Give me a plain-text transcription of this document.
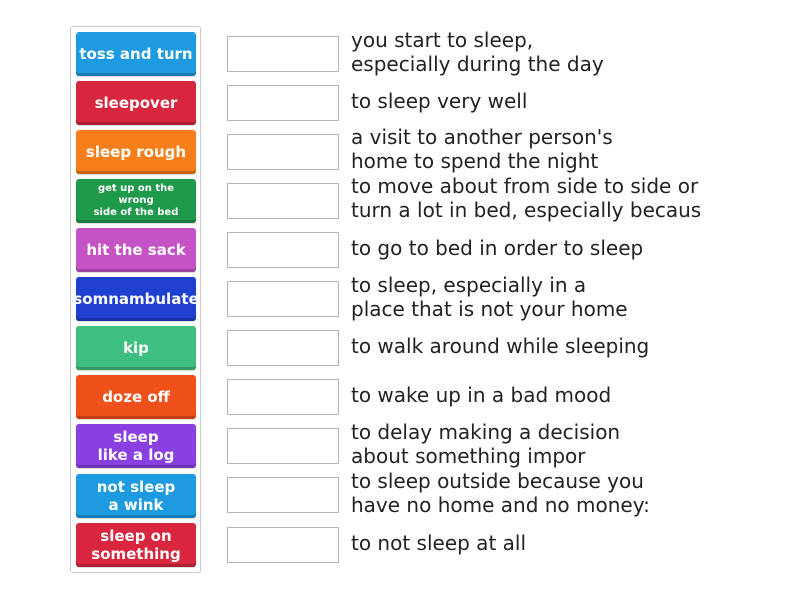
toss and turn
sleepover
sleep rough
get up on the wrong
side of the bed
hit the sack
somnambulate
kip
doze off
sleep
like a log
not sleep
a wink
sleep on
something
you start to sleep,
especially during the day
to sleep very well
a visit to another person's
home to spend the night
to move about from side to side or
turn a lot in bed, especially becaus
to go to bed in order to sleep
to sleep, especially in a
place that is not your home
to walk around while sleeping
to wake up in a bad mood
to delay making a decision
about something impor
to sleep outside because you
have no home and no money:
to not sleep at all
